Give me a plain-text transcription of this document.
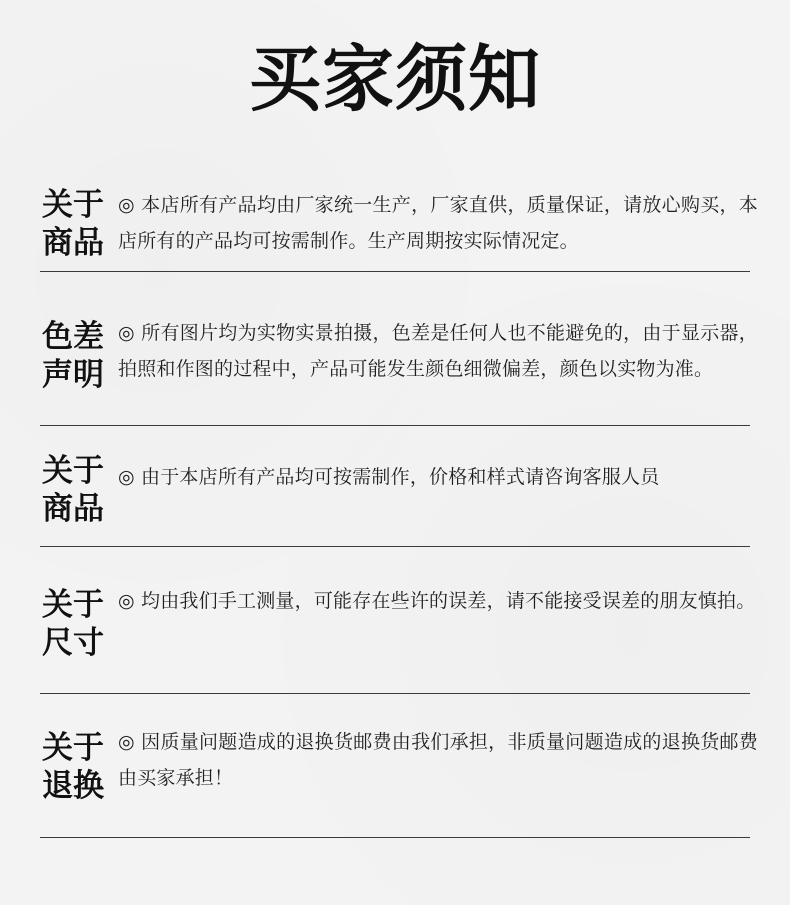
买家须知
关于
商品
◎ 本店所有产品均由厂家统一生产，厂家直供，质量保证，请放心购买，本店所有的产品均可按需制作。生产周期按实际情况定。
色差
声明
◎ 所有图片均为实物实景拍摄，色差是任何人也不能避免的，由于显示器，拍照和作图的过程中，产品可能发生颜色细微偏差，颜色以实物为准。
关于
商品
◎ 由于本店所有产品均可按需制作，价格和样式请咨询客服人员
关于
尺寸
◎ 均由我们手工测量，可能存在些许的误差，请不能接受误差的朋友慎拍。
关于
退换
◎ 因质量问题造成的退换货邮费由我们承担，非质量问题造成的退换货邮费由买家承担！
